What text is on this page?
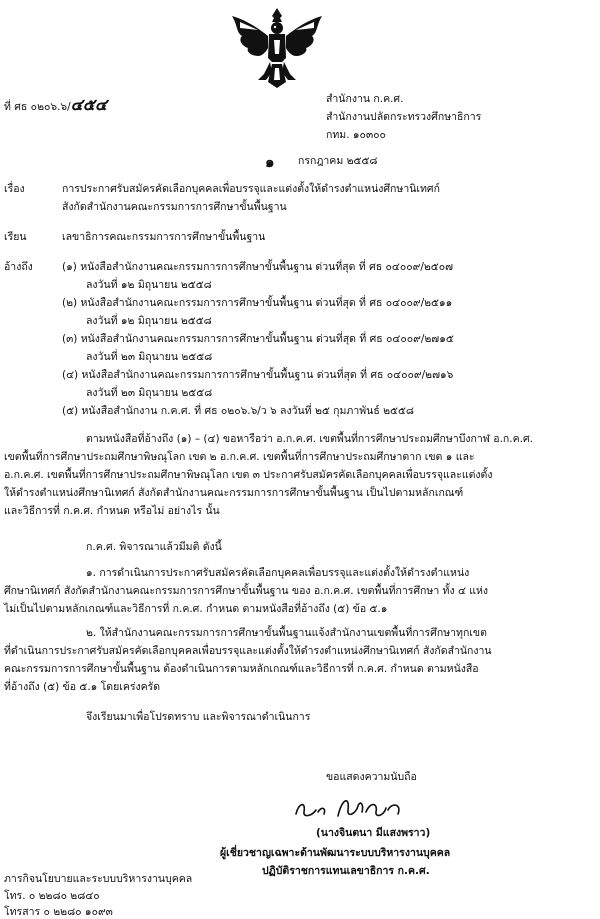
ที่ ศธ ๐๒๐๖.๖/๔๕๔	สำนักงาน ก.ค.ศ.
สำนักงานปลัดกระทรวงศึกษาธิการ
กทม. ๑๐๓๐๐
๑ กรกฎาคม ๒๕๕๘
เรื่อง	การประกาศรับสมัครคัดเลือกบุคคลเพื่อบรรจุและแต่งตั้งให้ดำรงตำแหน่งศึกษานิเทศก์
สังกัดสำนักงานคณะกรรมการการศึกษาขั้นพื้นฐาน
เรียน	เลขาธิการคณะกรรมการการศึกษาขั้นพื้นฐาน
อ้างถึง	(๑) หนังสือสำนักงานคณะกรรมการการศึกษาขั้นพื้นฐาน ด่วนที่สุด ที่ ศธ ๐๔๐๐๙/๒๕๐๗
ลงวันที่ ๑๒ มิถุนายน ๒๕๕๘
(๒) หนังสือสำนักงานคณะกรรมการการศึกษาขั้นพื้นฐาน ด่วนที่สุด ที่ ศธ ๐๔๐๐๙/๒๕๑๑
ลงวันที่ ๑๒ มิถุนายน ๒๕๕๘
(๓) หนังสือสำนักงานคณะกรรมการการศึกษาขั้นพื้นฐาน ด่วนที่สุด ที่ ศธ ๐๔๐๐๙/๒๗๑๕
ลงวันที่ ๒๓ มิถุนายน ๒๕๕๘
(๔) หนังสือสำนักงานคณะกรรมการการศึกษาขั้นพื้นฐาน ด่วนที่สุด ที่ ศธ ๐๔๐๐๙/๒๗๑๖
ลงวันที่ ๒๓ มิถุนายน ๒๕๕๘
(๕) หนังสือสำนักงาน ก.ค.ศ. ที่ ศธ ๐๒๐๖.๖/ว ๖ ลงวันที่ ๒๕ กุมภาพันธ์ ๒๕๕๘
ตามหนังสือที่อ้างถึง (๑) – (๔) ขอหารือว่า อ.ก.ค.ศ. เขตพื้นที่การศึกษาประถมศึกษาบึงกาฬ อ.ก.ค.ศ.
เขตพื้นที่การศึกษาประถมศึกษาพิษณุโลก เขต ๒ อ.ก.ค.ศ. เขตพื้นที่การศึกษาประถมศึกษาตาก เขต ๑ และ
อ.ก.ค.ศ. เขตพื้นที่การศึกษาประถมศึกษาพิษณุโลก เขต ๓ ประกาศรับสมัครคัดเลือกบุคคลเพื่อบรรจุและแต่งตั้ง
ให้ดำรงตำแหน่งศึกษานิเทศก์ สังกัดสำนักงานคณะกรรมการการศึกษาขั้นพื้นฐาน เป็นไปตามหลักเกณฑ์
และวิธีการที่ ก.ค.ศ. กำหนด หรือไม่ อย่างไร นั้น
ก.ค.ศ. พิจารณาแล้วมีมติ ดังนี้
๑. การดำเนินการประกาศรับสมัครคัดเลือกบุคคลเพื่อบรรจุและแต่งตั้งให้ดำรงตำแหน่ง
ศึกษานิเทศก์ สังกัดสำนักงานคณะกรรมการการศึกษาขั้นพื้นฐาน ของ อ.ก.ค.ศ. เขตพื้นที่การศึกษา ทั้ง ๔ แห่ง
ไม่เป็นไปตามหลักเกณฑ์และวิธีการที่ ก.ค.ศ. กำหนด ตามหนังสือที่อ้างถึง (๕) ข้อ ๕.๑
๒. ให้สำนักงานคณะกรรมการการศึกษาขั้นพื้นฐานแจ้งสำนักงานเขตพื้นที่การศึกษาทุกเขต
ที่ดำเนินการประกาศรับสมัครคัดเลือกบุคคลเพื่อบรรจุและแต่งตั้งให้ดำรงตำแหน่งศึกษานิเทศก์ สังกัดสำนักงาน
คณะกรรมการการศึกษาขั้นพื้นฐาน ต้องดำเนินการตามหลักเกณฑ์และวิธีการที่ ก.ค.ศ. กำหนด ตามหนังสือ
ที่อ้างถึง (๕) ข้อ ๕.๑ โดยเคร่งครัด
จึงเรียนมาเพื่อโปรดทราบ และพิจารณาดำเนินการ
ขอแสดงความนับถือ
(นางจินตนา มีแสงพราว)
ผู้เชี่ยวชาญเฉพาะด้านพัฒนาระบบบริหารงานบุคคล
ปฏิบัติราชการแทนเลขาธิการ ก.ค.ศ.
ภารกิจนโยบายและระบบบริหารงานบุคคล
โทร. ๐ ๒๒๘๐ ๒๘๔๐
โทรสาร ๐ ๒๒๘๐ ๑๐๙๓
